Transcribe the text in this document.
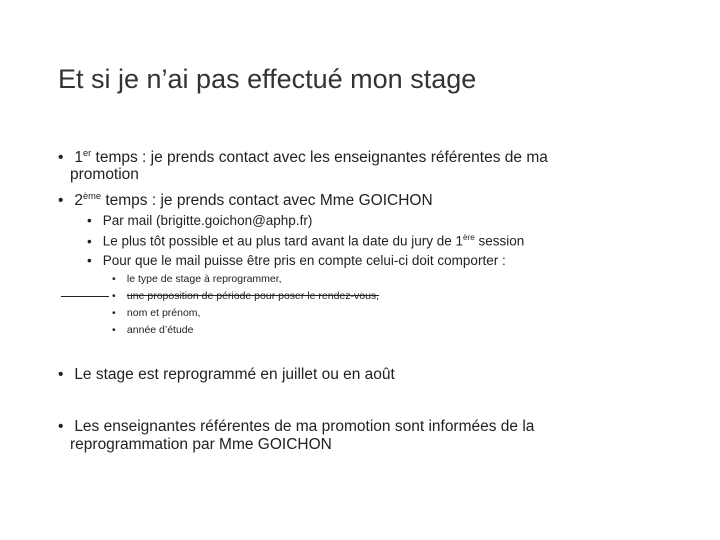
Et si je n’ai pas effectué mon stage

• 1er temps : je prends contact avec les enseignantes référentes de ma

promotion

• 2ème temps : je prends contact avec Mme GOICHON

• Par mail (brigitte.goichon@aphp.fr)

• Le plus tôt possible et au plus tard avant la date du jury de 1ère session

• Pour que le mail puisse être pris en compte celui-ci doit comporter :

• le type de stage à reprogrammer,

• une proposition de période pour poser le rendez-vous,

• nom et prénom,

• année d’étude

• Le stage est reprogrammé en juillet ou en août

• Les enseignantes référentes de ma promotion sont informées de la

reprogrammation par Mme GOICHON
